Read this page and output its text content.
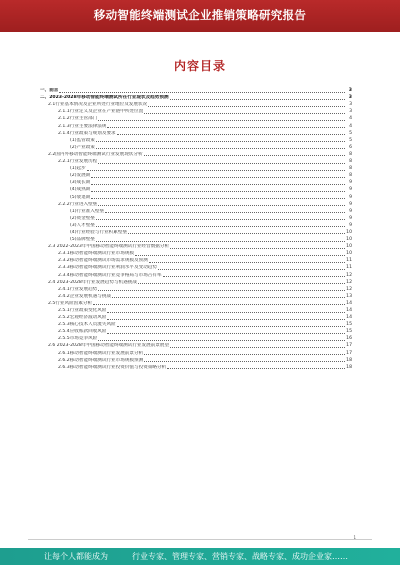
移动智能终端测试企业推销策略研究报告
内容目录
一、前言	3
二、2023-2028年移动智能终端测试所在行业现状及趋势预测	3
2.1行业基本情况及企业所处行业地位及发展状况	3
2.1.1行业定义及企业在产业链中所处位置	3
2.1.2行业主管部门	4
2.1.3行业主要法律法规	4
2.1.4行业政策与规划及要求	5
(1)监管政策	5
(2)产业政策	6
2.2国内外移动智能终端测试行业发展现状分析	8
2.2.1行业发展历程	8
(1)起步	8
(2)发展期	8
(3)成长期	9
(4)成熟期	9
(5)衰退期	9
2.2.2行业进入壁垒	9
(1)行业准入壁垒	9
(2)资金壁垒	9
(3)人才壁垒	9
(4)行业经验与行业积累壁垒	10
(5)品牌壁垒	10
2.3 2022-2023年中国移动智能终端测试行业经营数据分析	10
2.3.1移动智能终端测试行业市场规模	10
2.3.2移动智能终端测试市场需求规模及预测	11
2.3.3移动智能终端测试行业利润水平及变动趋势	11
2.3.4移动智能终端测试行业竞争格局与市场占有率	12
2.4 2023-2028年行业发展趋势与机遇挑战	12
2.4.1行业发展趋势	12
2.4.2企业发展机遇与挑战	13
2.5行业风险因素分析	14
2.5.1行业政策变化风险	14
2.5.2宏观经济波动风险	14
2.5.3核心技术人员流失风险	15
2.5.4应收账款回收风险	15
2.5.5市场竞争风险	16
2.6 2023-2028年中国移动智能终端测试行业发展前景展望	17
2.6.1移动智能终端测试行业发展前景分析	17
2.6.2移动智能终端测试行业市场规模预测	18
2.6.3移动智能终端测试行业投资价值与投资策略分析	18
1
让每个人都能成为	行业专家、管理专家、营销专家、战略专家、成功企业家……
